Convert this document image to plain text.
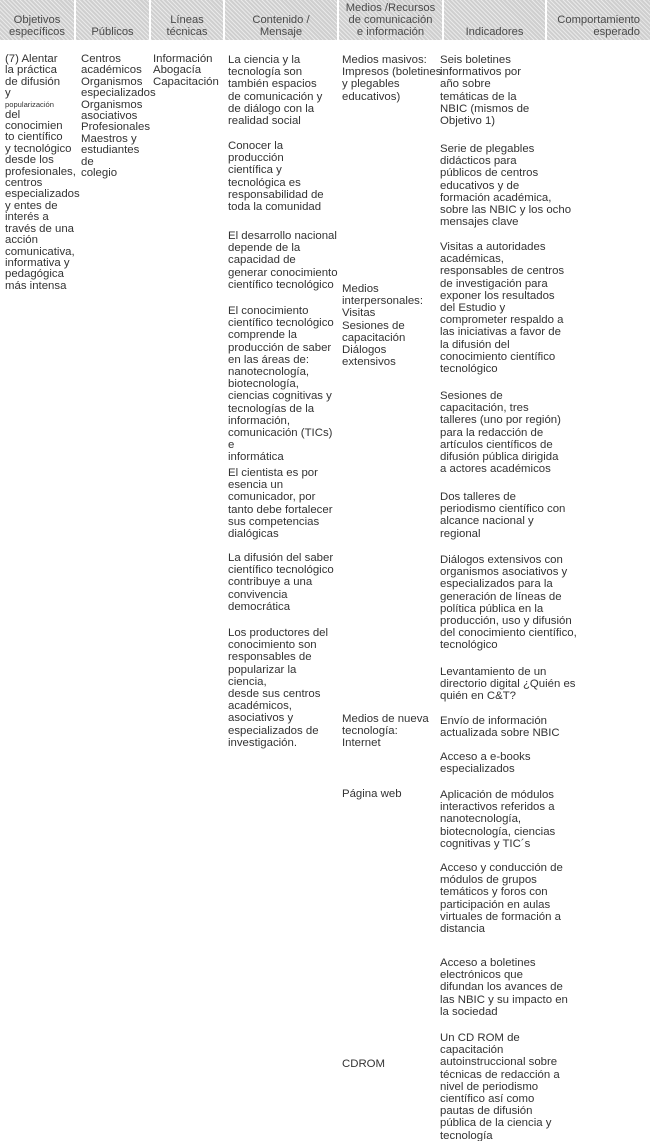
Objetivos
específicos Públicos
Líneas
técnicas
Contenido /
Mensaje
Medios /Recursos
de comunicación
e información	Indicadores
Comportamiento
esperado

(7) Alentar
la práctica
de difusión
y

popularización

del
conocimien
to científico
y tecnológico
desde los
profesionales,
centros
especializados
y entes de
interés a
través de una
acción
comunicativa,
informativa y
pedagógica
más intensa

Centros
académicos
Organismos
especializados
Organismos
asociativos
Profesionales
Maestros y
estudiantes de
colegio

Información
Abogacía
Capacitación

La ciencia y la
tecnología son
también espacios
de comunicación y
de diálogo con la
realidad social

Conocer la
producción
científica y
tecnológica es
responsabilidad de
toda la comunidad

El desarrollo nacional
depende de la
capacidad de
generar conocimiento
científico tecnológico

El conocimiento
científico tecnológico
comprende la
producción de saber
en las áreas de:
nanotecnología,
biotecnología,
ciencias cognitivas y
tecnologías de la
información,
comunicación (TICs) e
informática

El cientista es por
esencia un
comunicador, por
tanto debe fortalecer
sus competencias
dialógicas

La difusión del saber
científico tecnológico
contribuye a una
convivencia
democrática

Los productores del
conocimiento son
responsables de
popularizar la ciencia,
desde sus centros
académicos,
asociativos y
especializados de
investigación.

Medios masivos:
Impresos (boletines
y plegables
educativos)

Medios
interpersonales:
Visitas
Sesiones de
capacitación
Diálogos extensivos

Medios de nueva
tecnología:
Internet

Página web

CDROM

Seis boletines
informativos por
año sobre
temáticas de la
NBIC (mismos de
Objetivo 1)

Serie de plegables
didácticos para
públicos de centros
educativos y de
formación académica,
sobre las NBIC y los ocho
mensajes clave

Visitas a autoridades
académicas,
responsables de centros
de investigación para
exponer los resultados
del Estudio y
comprometer respaldo a
las iniciativas a favor de
la difusión del
conocimiento científico
tecnológico

Sesiones de
capacitación, tres
talleres (uno por región)
para la redacción de
artículos científicos de
difusión pública dirigida
a actores académicos

Dos talleres de
periodismo científico con
alcance nacional y
regional

Diálogos extensivos con
organismos asociativos y
especializados para la
generación de líneas de
política pública en la
producción, uso y difusión
del conocimiento científico,
tecnológico

Levantamiento de un
directorio digital ¿Quién es
quién en C&T?

Envío de información
actualizada sobre NBIC

Acceso a e-books
especializados

Aplicación de módulos
interactivos referidos a
nanotecnología,
biotecnología, ciencias
cognitivas y TIC´s

Acceso y conducción de
módulos de grupos
temáticos y foros con
participación en aulas
virtuales de formación a
distancia

Acceso a boletines
electrónicos que
difundan los avances de
las NBIC y su impacto en
la sociedad

Un CD ROM de
capacitación
autoinstruccional sobre
técnicas de redacción a
nivel de periodismo
científico así como
pautas de difusión
pública de la ciencia y
tecnología
